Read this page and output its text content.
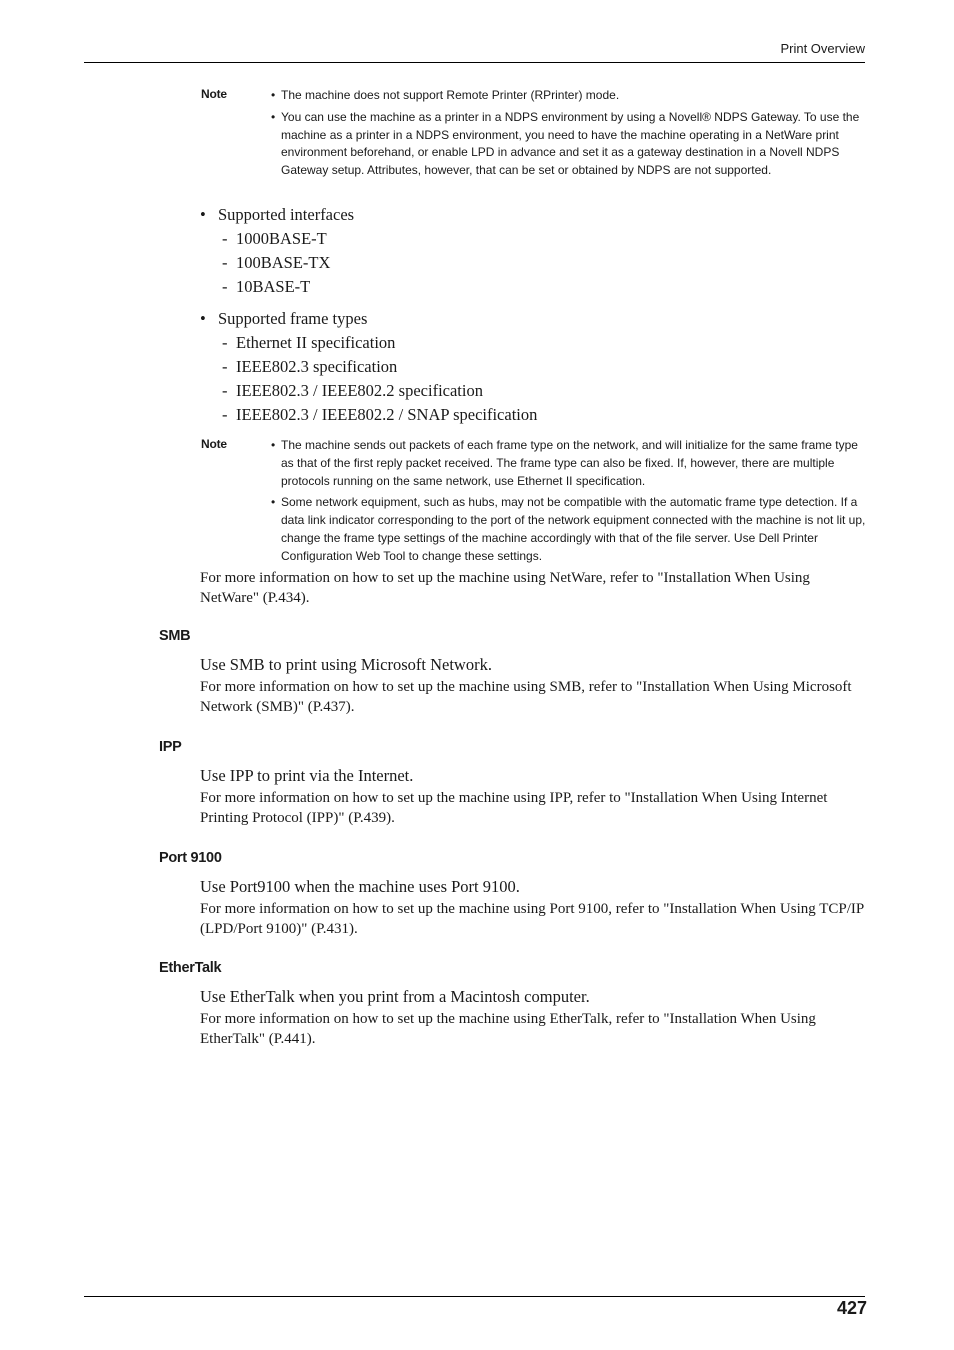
Print Overview
Note	• The machine does not support Remote Printer (RPrinter) mode.
• You can use the machine as a printer in a NDPS environment by using a Novell® NDPS Gateway. To use the machine as a printer in a NDPS environment, you need to have the machine operating in a NetWare print environment beforehand, or enable LPD in advance and set it as a gateway destination in a Novell NDPS Gateway setup. Attributes, however, that can be set or obtained by NDPS are not supported.
• Supported interfaces
- 1000BASE-T
- 100BASE-TX
- 10BASE-T
• Supported frame types
- Ethernet II specification
- IEEE802.3 specification
- IEEE802.3 / IEEE802.2 specification
- IEEE802.3 / IEEE802.2 / SNAP specification
Note	• The machine sends out packets of each frame type on the network, and will initialize for the same frame type as that of the first reply packet received. The frame type can also be fixed. If, however, there are multiple protocols running on the same network, use Ethernet II specification.
• Some network equipment, such as hubs, may not be compatible with the automatic frame type detection. If a data link indicator corresponding to the port of the network equipment connected with the machine is not lit up, change the frame type settings of the machine accordingly with that of the file server. Use Dell Printer Configuration Web Tool to change these settings.
For more information on how to set up the machine using NetWare, refer to "Installation When Using NetWare" (P.434).
SMB
Use SMB to print using Microsoft Network.
For more information on how to set up the machine using SMB, refer to "Installation When Using Microsoft Network (SMB)" (P.437).
IPP
Use IPP to print via the Internet.
For more information on how to set up the machine using IPP, refer to "Installation When Using Internet Printing Protocol (IPP)" (P.439).
Port 9100
Use Port9100 when the machine uses Port 9100.
For more information on how to set up the machine using Port 9100, refer to "Installation When Using TCP/IP (LPD/Port 9100)" (P.431).
EtherTalk
Use EtherTalk when you print from a Macintosh computer.
For more information on how to set up the machine using EtherTalk, refer to "Installation When Using EtherTalk" (P.441).
427
